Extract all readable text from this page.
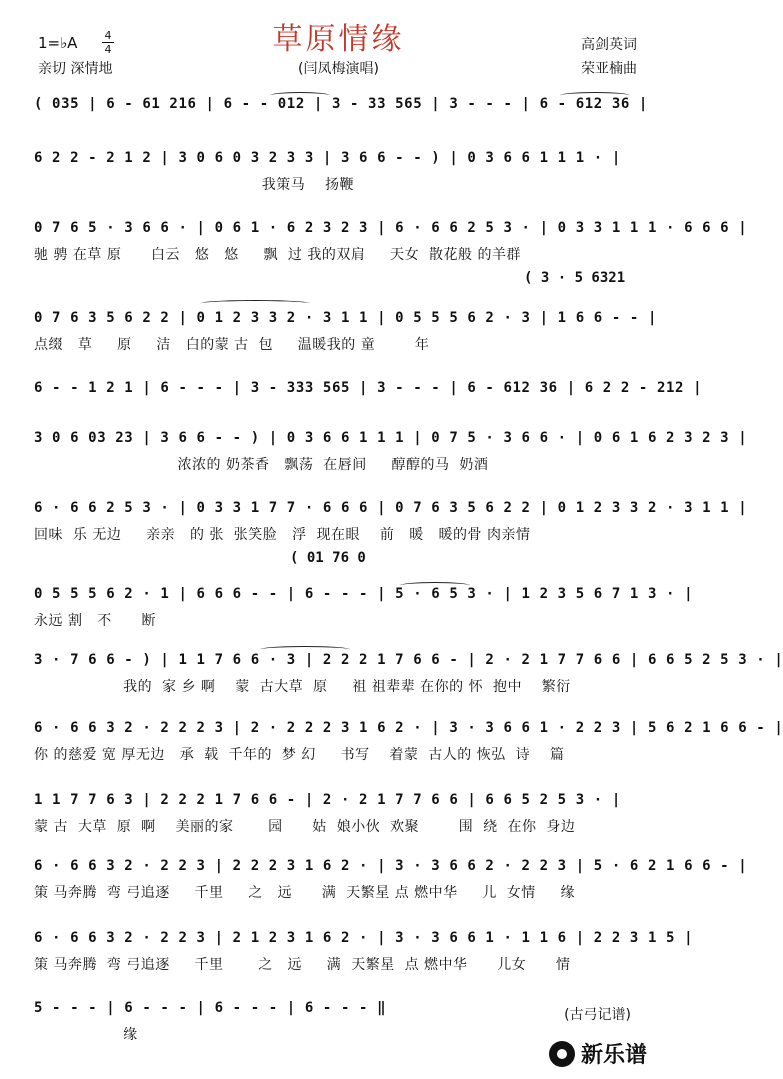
草原情缘
1=♭A 4
4
亲切 深情地	(闫凤梅演唱)
高剑英词
荣亚楠曲
( 035 | 6 - 61 216 | 6 - - 012 | 3 - 33 565 | 3 - - - | 6 - 612 36 |
6 2 2 - 2 1 2 | 3 0 6 0 3 2 3 3 | 3 6 6 - - ) | 0 3 6 6 1 1 1 · |
我策马    扬鞭
0 7 6 5 · 3 6 6 · | 0 6 1 · 6 2 3 2 3 | 6 · 6 6 2 5 3 · | 0 3 3 1 1 1 · 6 6 6 |
驰 骋 在草 原      白云   悠   悠     飘  过 我的双肩     天女  散花般 的羊群
( 3 · 5 6321
0 7 6 3 5 6 2 2 | 0 1 2 3 3 2 · 3 1 1 | 0 5 5 5 6 2 · 3 | 1 6 6 - - |
点缀   草     原     洁   白的蒙 古  包     温暖我的 童        年
6 - - 1 2 1 | 6 - - - | 3 - 333 565 | 3 - - - | 6 - 612 36 | 6 2 2 - 212 |
3 0 6 03 23 | 3 6 6 - - ) | 0 3 6 6 1 1 1 | 0 7 5 · 3 6 6 · | 0 6 1 6 2 3 2 3 |
浓浓的 奶茶香   飘荡  在唇间     醇醇的马  奶酒
6 · 6 6 2 5 3 · | 0 3 3 1 7 7 · 6 6 6 | 0 7 6 3 5 6 2 2 | 0 1 2 3 3 2 · 3 1 1 |
回味  乐 无边     亲亲   的 张  张笑脸   浮  现在眼    前   暖   暖的骨 肉亲情
( 01 76 0
0 5 5 5 6 2 · 1 | 6 6 6 - - | 6 - - - | 5 · 6 5 3 · | 1 2 3 5 6 7 1 3 · |
永远 割   不      断
3 · 7 6 6 - ) | 1 1 7 6 6 · 3 | 2 2 2 1 7 6 6 - | 2 · 2 1 7 7 6 6 | 6 6 5 2 5 3 · |
我的  家 乡 啊    蒙  古大草  原     祖 祖辈辈 在你的 怀  抱中    繁衍
6 · 6 6 3 2 · 2 2 2 3 | 2 · 2 2 2 3 1 6 2 · | 3 · 3 6 6 1 · 2 2 3 | 5 6 2 1 6 6 - |
你 的慈爱 宽 厚无边   承  载  千年的  梦 幻     书写    着蒙  古人的 恢弘  诗    篇
1 1 7 7 6 3 | 2 2 2 1 7 6 6 - | 2 · 2 1 7 7 6 6 | 6 6 5 2 5 3 · |
蒙 古  大草  原  啊    美丽的家       园      姑  娘小伙  欢聚        围  绕  在你  身边
6 · 6 6 3 2 · 2 2 3 | 2 2 2 3 1 6 2 · | 3 · 3 6 6 2 · 2 2 3 | 5 · 6 2 1 6 6 - |
策 马奔腾  弯 弓追逐     千里     之   远      满  天繁星 点 燃中华     儿  女情     缘
6 · 6 6 3 2 · 2 2 3 | 2 1 2 3 1 6 2 · | 3 · 3 6 6 1 · 1 1 6 | 2 2 3 1 5 |
策 马奔腾  弯 弓追逐     千里       之   远     满  天繁星  点 燃中华      儿女      情
5 - - - | 6 - - - | 6 - - - | 6 - - - ‖
缘
(古弓记谱)
新乐谱
